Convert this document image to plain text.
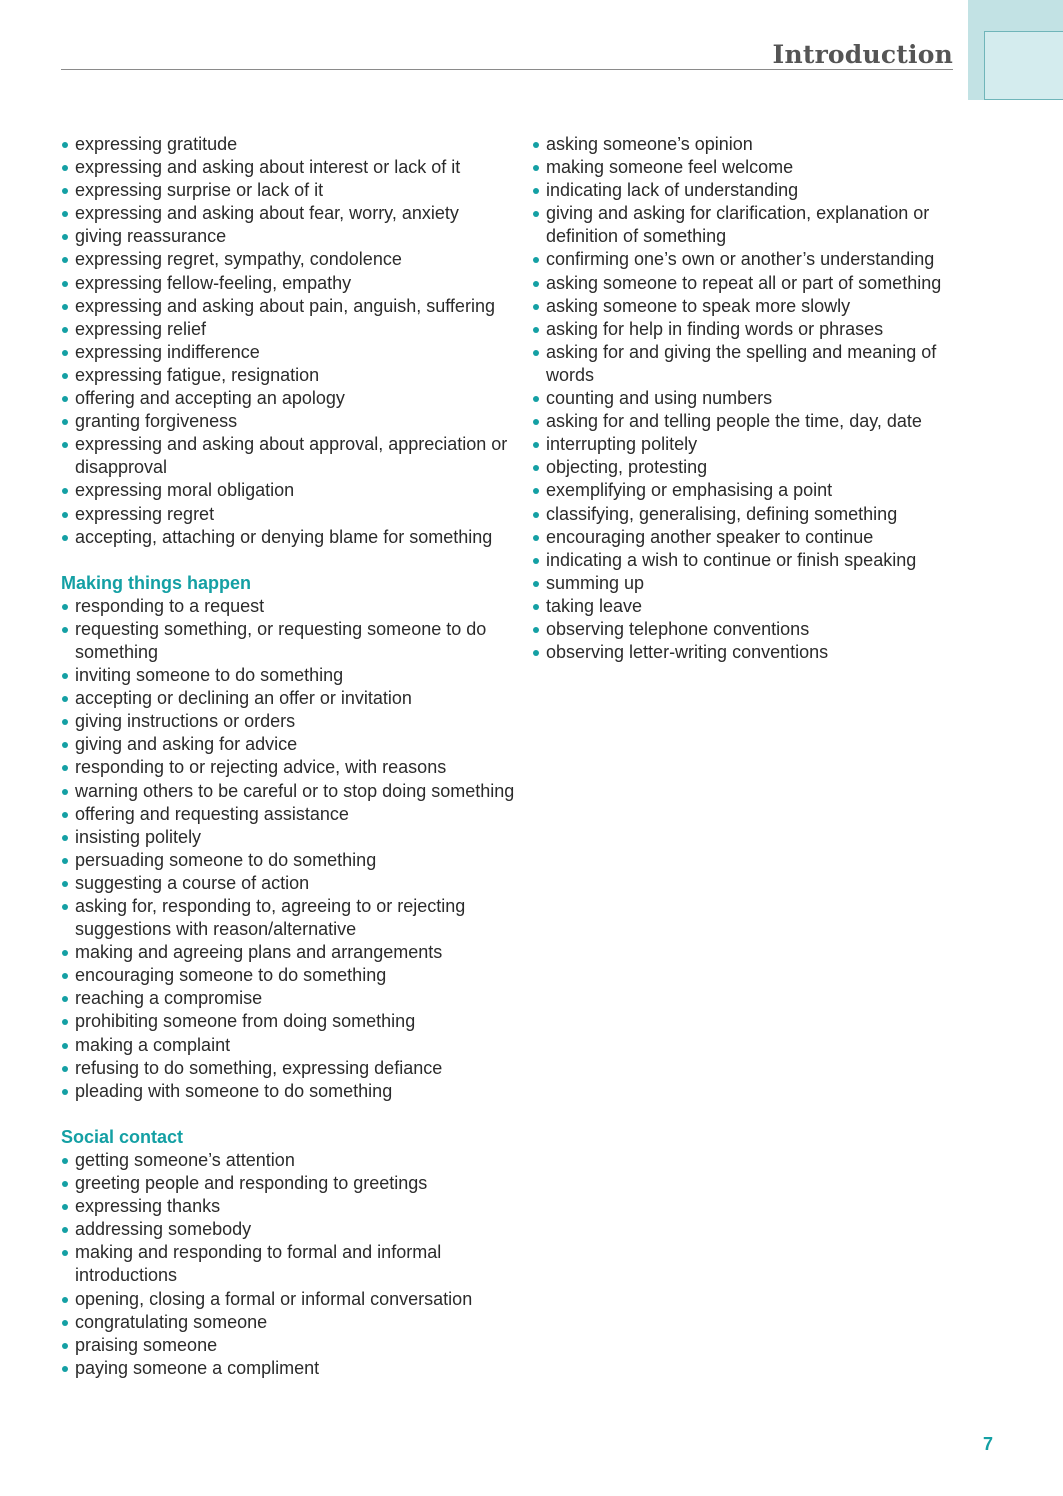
Introduction
expressing gratitude
expressing and asking about interest or lack of it
expressing surprise or lack of it
expressing and asking about fear, worry, anxiety
giving reassurance
expressing regret, sympathy, condolence
expressing fellow-feeling, empathy
expressing and asking about pain, anguish, suffering
expressing relief
expressing indifference
expressing fatigue, resignation
offering and accepting an apology
granting forgiveness
expressing and asking about approval, appreciation or disapproval
expressing moral obligation
expressing regret
accepting, attaching or denying blame for something
Making things happen
responding to a request
requesting something, or requesting someone to do something
inviting someone to do something
accepting or declining an offer or invitation
giving instructions or orders
giving and asking for advice
responding to or rejecting advice, with reasons
warning others to be careful or to stop doing something
offering and requesting assistance
insisting politely
persuading someone to do something
suggesting a course of action
asking for, responding to, agreeing to or rejecting suggestions with reason/alternative
making and agreeing plans and arrangements
encouraging someone to do something
reaching a compromise
prohibiting someone from doing something
making a complaint
refusing to do something, expressing defiance
pleading with someone to do something
Social contact
getting someone’s attention
greeting people and responding to greetings
expressing thanks
addressing somebody
making and responding to formal and informal introductions
opening, closing a formal or informal conversation
congratulating someone
praising someone
paying someone a compliment
asking someone’s opinion
making someone feel welcome
indicating lack of understanding
giving and asking for clarification, explanation or definition of something
confirming one’s own or another’s understanding
asking someone to repeat all or part of something
asking someone to speak more slowly
asking for help in finding words or phrases
asking for and giving the spelling and meaning of words
counting and using numbers
asking for and telling people the time, day, date
interrupting politely
objecting, protesting
exemplifying or emphasising a point
classifying, generalising, defining something
encouraging another speaker to continue
indicating a wish to continue or finish speaking
summing up
taking leave
observing telephone conventions
observing letter-writing conventions
7
